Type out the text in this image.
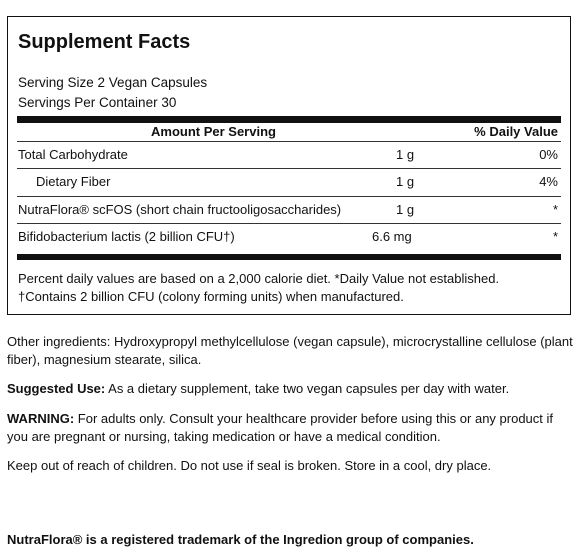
Supplement Facts
Serving Size 2 Vegan Capsules
Servings Per Container 30
Amount Per Serving	% Daily Value
Total Carbohydrate	1 g	0%
Dietary Fiber	1 g	4%
NutraFlora® scFOS (short chain fructooligosaccharides)	1 g	*
Bifidobacterium lactis (2 billion CFU†)	6.6 mg	*
Percent daily values are based on a 2,000 calorie diet. *Daily Value not established.
†Contains 2 billion CFU (colony forming units) when manufactured.
Other ingredients: Hydroxypropyl methylcellulose (vegan capsule), microcrystalline cellulose (plant fiber), magnesium stearate, silica.
Suggested Use: As a dietary supplement, take two vegan capsules per day with water.
WARNING: For adults only. Consult your healthcare provider before using this or any product if you are pregnant or nursing, taking medication or have a medical condition.
Keep out of reach of children. Do not use if seal is broken. Store in a cool, dry place.
NutraFlora® is a registered trademark of the Ingredion group of companies.
